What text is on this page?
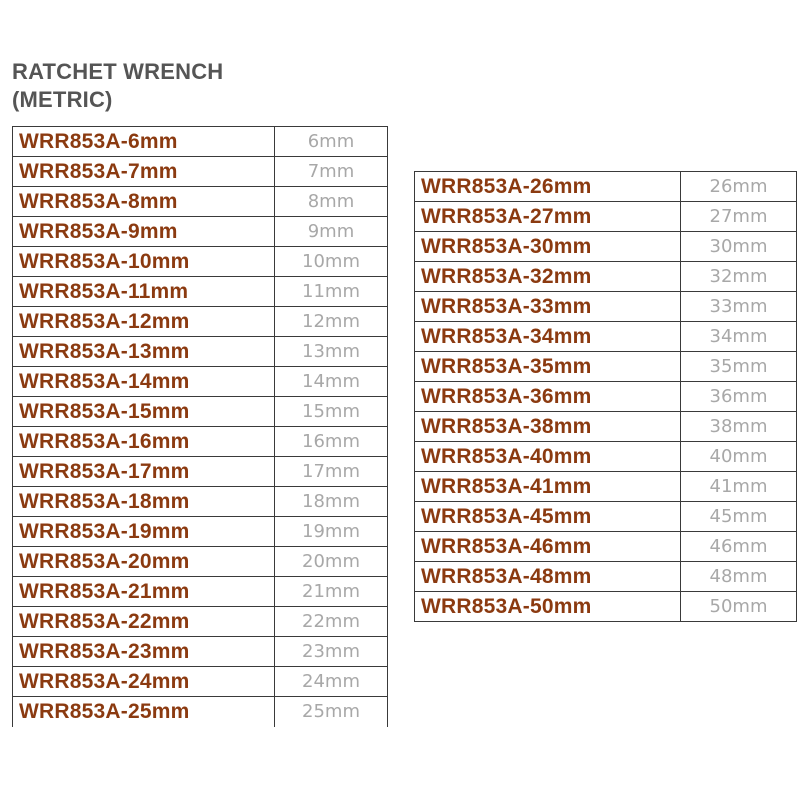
RATCHET WRENCH
(METRIC)
WRR853A-6mm	6mm
WRR853A-7mm	7mm
WRR853A-8mm	8mm
WRR853A-9mm	9mm
WRR853A-10mm	10mm
WRR853A-11mm	11mm
WRR853A-12mm	12mm
WRR853A-13mm	13mm
WRR853A-14mm	14mm
WRR853A-15mm	15mm
WRR853A-16mm	16mm
WRR853A-17mm	17mm
WRR853A-18mm	18mm
WRR853A-19mm	19mm
WRR853A-20mm	20mm
WRR853A-21mm	21mm
WRR853A-22mm	22mm
WRR853A-23mm	23mm
WRR853A-24mm	24mm
WRR853A-25mm	25mm
WRR853A-26mm	26mm
WRR853A-27mm	27mm
WRR853A-30mm	30mm
WRR853A-32mm	32mm
WRR853A-33mm	33mm
WRR853A-34mm	34mm
WRR853A-35mm	35mm
WRR853A-36mm	36mm
WRR853A-38mm	38mm
WRR853A-40mm	40mm
WRR853A-41mm	41mm
WRR853A-45mm	45mm
WRR853A-46mm	46mm
WRR853A-48mm	48mm
WRR853A-50mm	50mm
